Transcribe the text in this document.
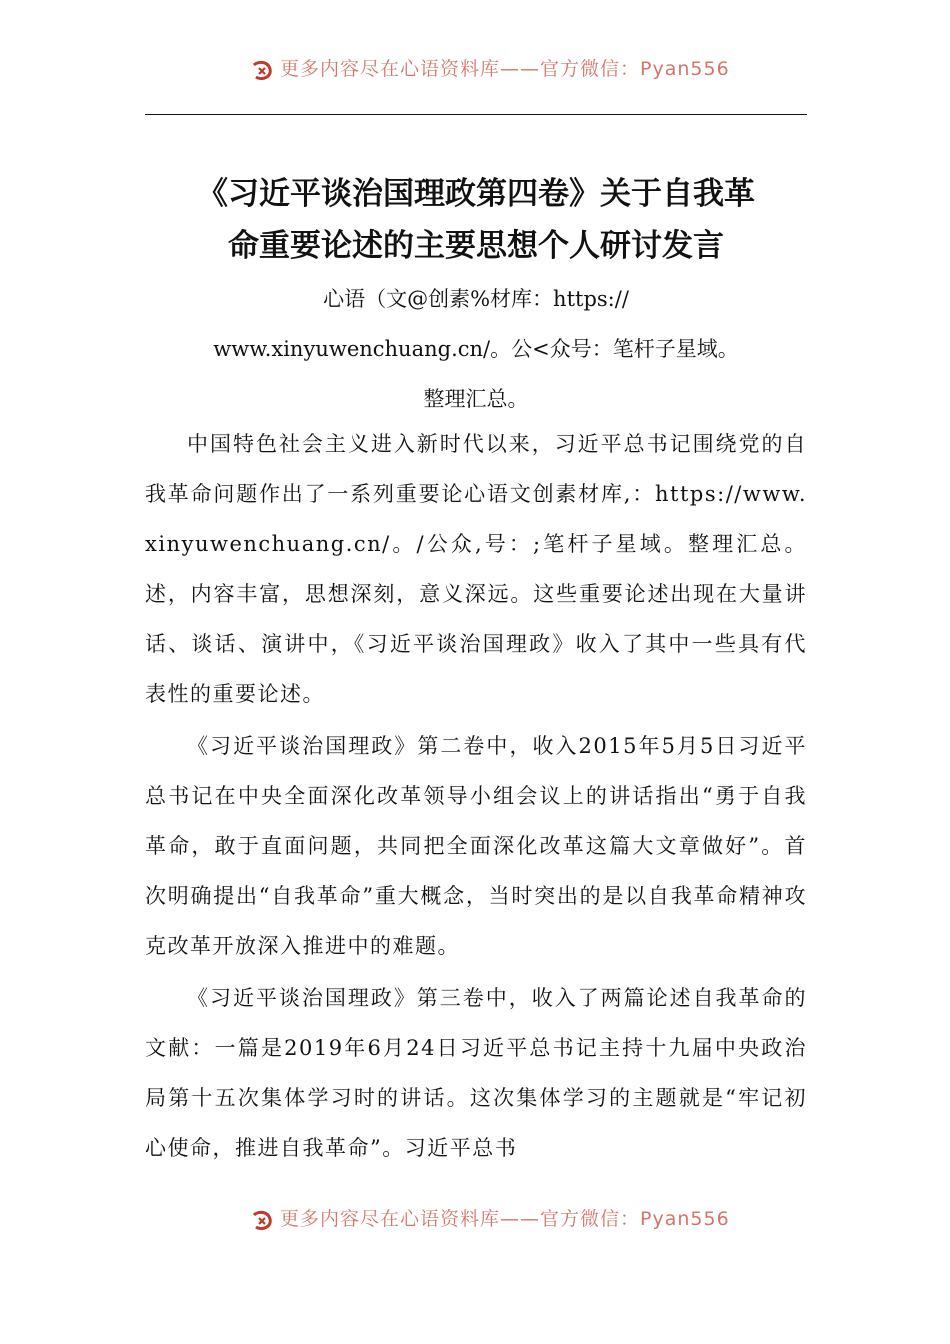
更多内容尽在心语资料库——官方微信：Pyan556
《习近平谈治国理政第四卷》关于自我革
命重要论述的主要思想个人研讨发言

心语（文@创素%材库：https://
www.xinyuwenchuang.cn/。公<众号：笔杆子星域。
整理汇总。

中国特色社会主义进入新时代以来，习近平总书记围绕党的自我革命问题作出了一系列重要论心语文创素材库,：https://www.xinyuwenchuang.cn/。/公众,号：;笔杆子星域。整理汇总。述，内容丰富，思想深刻，意义深远。这些重要论述出现在大量讲话、谈话、演讲中，《习近平谈治国理政》收入了其中一些具有代表性的重要论述。

《习近平谈治国理政》第二卷中，收入2015年5月5日习近平总书记在中央全面深化改革领导小组会议上的讲话指出“勇于自我革命，敢于直面问题，共同把全面深化改革这篇大文章做好”。首次明确提出“自我革命”重大概念，当时突出的是以自我革命精神攻克改革开放深入推进中的难题。

《习近平谈治国理政》第三卷中，收入了两篇论述自我革命的文献：一篇是2019年6月24日习近平总书记主持十九届中央政治局第十五次集体学习时的讲话。这次集体学习的主题就是“牢记初心使命，推进自我革命”。习近平总书

更多内容尽在心语资料库——官方微信：Pyan556
